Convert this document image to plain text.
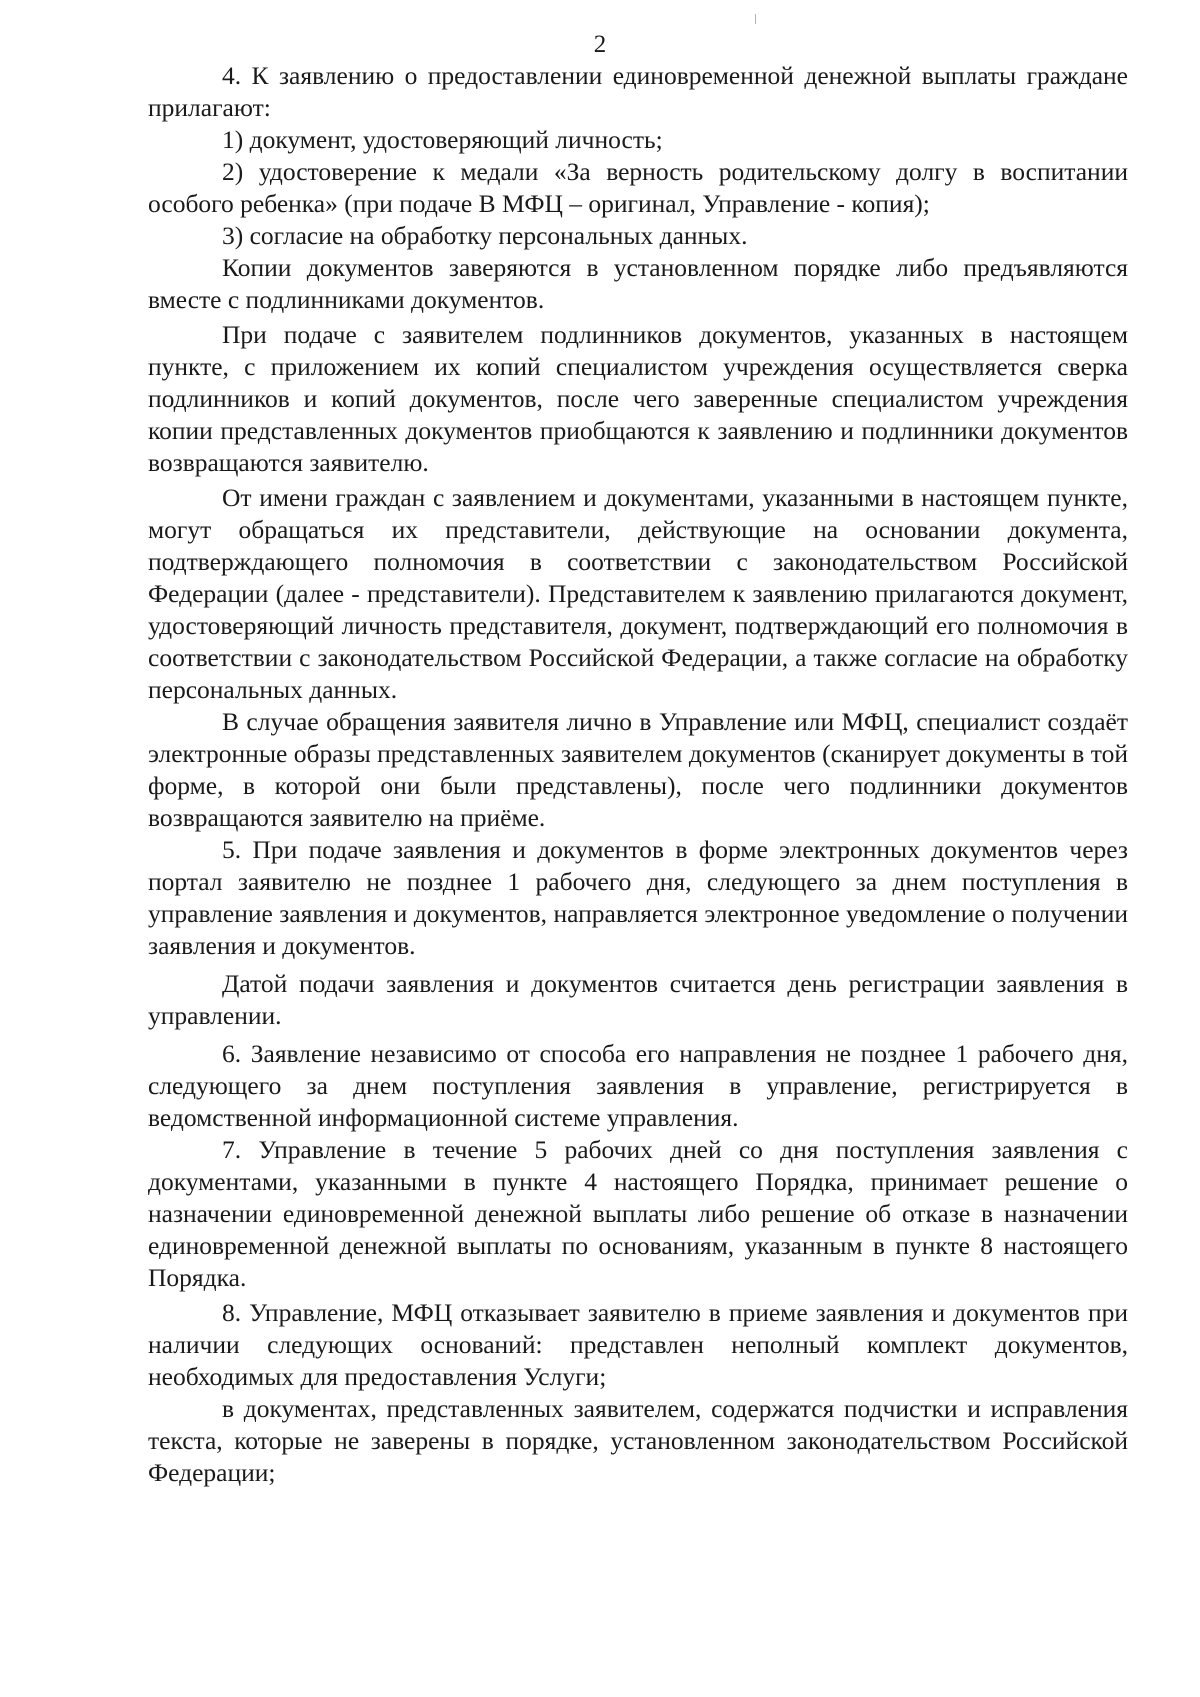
2

4. К заявлению о предоставлении единовременной денежной выплаты граждане прилагают:

1) документ, удостоверяющий личность;

2) удостоверение к медали «За верность родительскому долгу в воспитании особого ребенка» (при подаче В МФЦ – оригинал, Управление - копия);

3) согласие на обработку персональных данных.

Копии документов заверяются в установленном порядке либо предъявляются вместе с подлинниками документов.

При подаче с заявителем подлинников документов, указанных в настоящем пункте, с приложением их копий специалистом учреждения осуществляется сверка подлинников и копий документов, после чего заверенные специалистом учреждения копии представленных документов приобщаются к заявлению и подлинники документов возвращаются заявителю.

От имени граждан с заявлением и документами, указанными в настоящем пункте, могут обращаться их представители, действующие на основании документа, подтверждающего полномочия в соответствии с законодательством Российской Федерации (далее - представители). Представителем к заявлению прилагаются документ, удостоверяющий личность представителя, документ, подтверждающий его полномочия в соответствии с законодательством Российской Федерации, а также согласие на обработку персональных данных.

В случае обращения заявителя лично в Управление или МФЦ, специалист создаёт электронные образы представленных заявителем документов (сканирует документы в той форме, в которой они были представлены), после чего подлинники документов возвращаются заявителю на приёме.

5. При подаче заявления и документов в форме электронных документов через портал заявителю не позднее 1 рабочего дня, следующего за днем поступления в управление заявления и документов, направляется электронное уведомление о получении заявления и документов.

Датой подачи заявления и документов считается день регистрации заявления в управлении.

6. Заявление независимо от способа его направления не позднее 1 рабочего дня, следующего за днем поступления заявления в управление, регистрируется в ведомственной информационной системе управления.

7. Управление в течение 5 рабочих дней со дня поступления заявления с документами, указанными в пункте 4 настоящего Порядка, принимает решение о назначении единовременной денежной выплаты либо решение об отказе в назначении единовременной денежной выплаты по основаниям, указанным в пункте 8 настоящего Порядка.

8. Управление, МФЦ отказывает заявителю в приеме заявления и документов при наличии следующих оснований: представлен неполный комплект документов, необходимых для предоставления Услуги;

в документах, представленных заявителем, содержатся подчистки и исправления текста, которые не заверены в порядке, установленном законодательством Российской Федерации;
